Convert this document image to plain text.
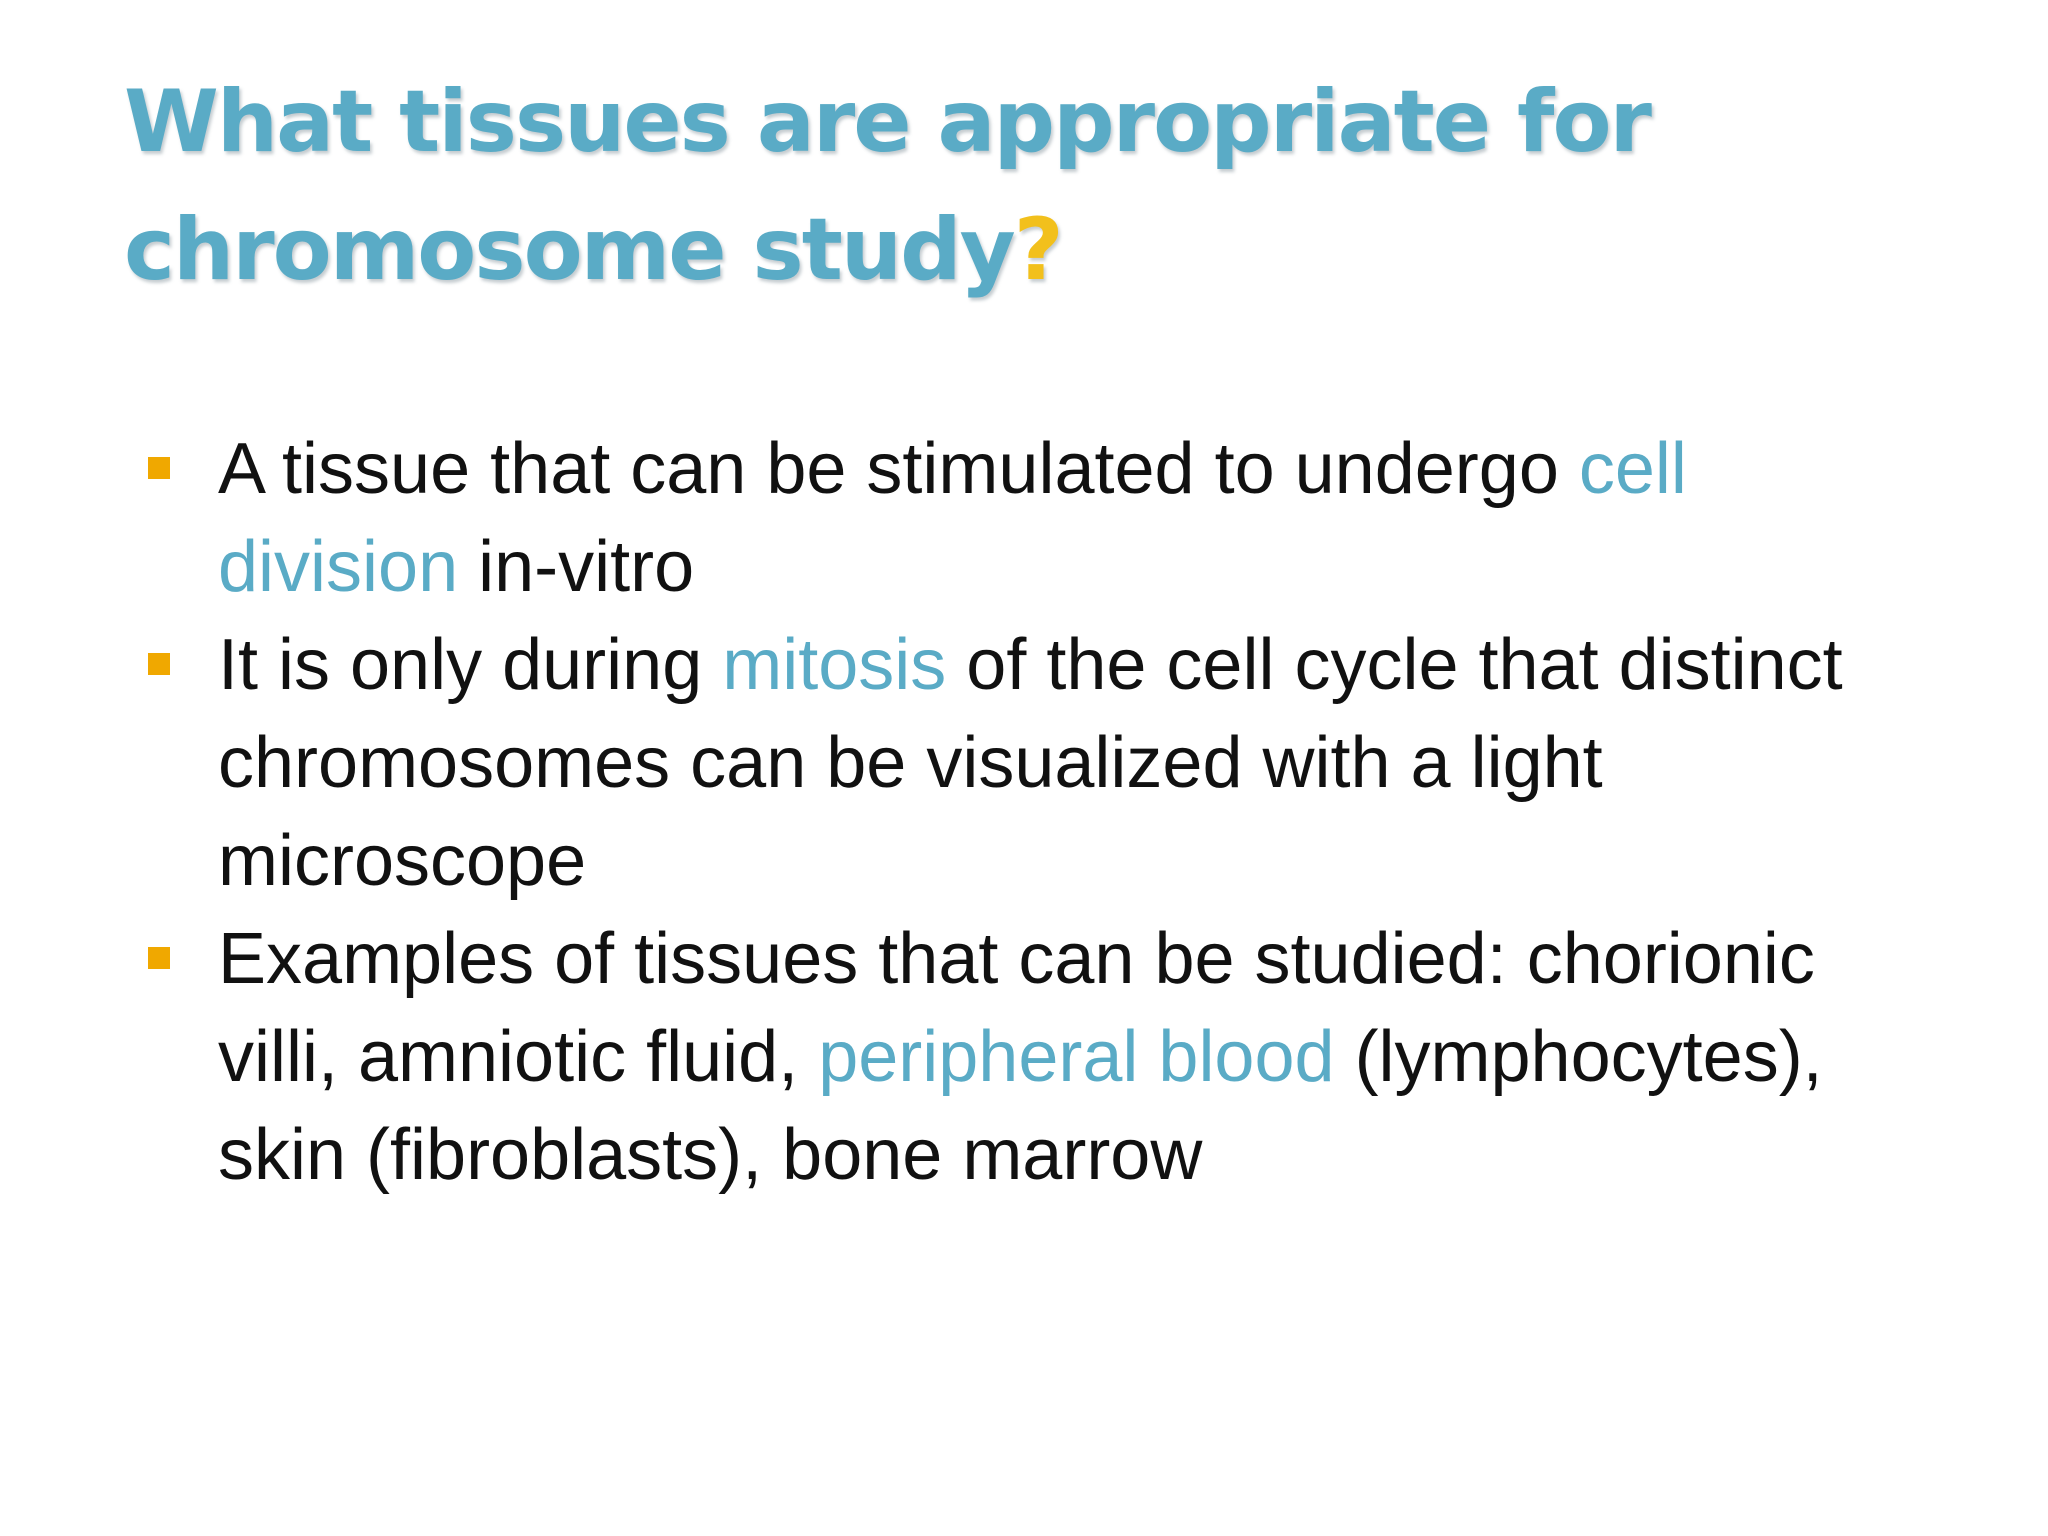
What tissues are appropriate for
chromosome study?
A tissue that can be stimulated to undergo cell division in-vitro
It is only during mitosis of the cell cycle that distinct chromosomes can be visualized with a light microscope
Examples of tissues that can be studied: chorionic villi, amniotic fluid, peripheral blood (lymphocytes), skin (fibroblasts), bone marrow
